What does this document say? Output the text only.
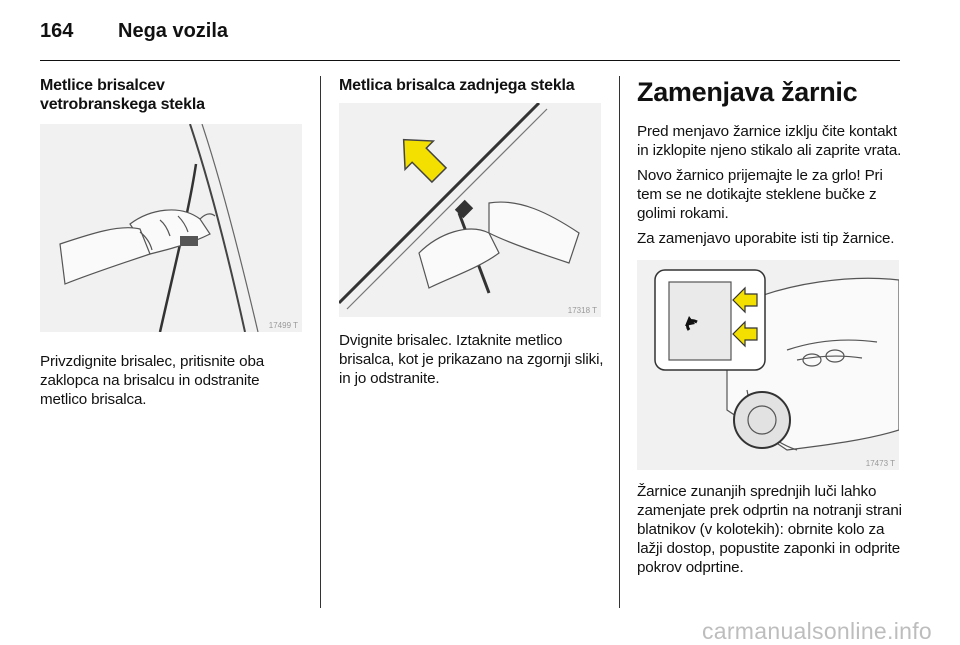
164 Nega vozila
Metlice brisalcev
vetrobranskega stekla
17499 T

Privzdignite brisalec, pritisnite oba zaklopca na brisalcu in odstranite metlico brisalca.

Metlica brisalca zadnjega stekla
17318 T

Dvignite brisalec. Iztaknite metlico brisalca, kot je prikazano na zgornji sliki, in jo odstranite.

Zamenjava žarnic

Pred menjavo žarnice izklju čite kontakt in izklopite njeno stikalo ali zaprite vrata.

Novo žarnico prijemajte le za grlo! Pri tem se ne dotikajte steklene bučke z golimi rokami.

Za zamenjavo uporabite isti tip žarnice.

17473 T

Žarnice zunanjih sprednjih luči lahko zamenjate prek odprtin na notranji strani blatnikov (v kolotekih): obrnite kolo za lažji dostop, popustite zaponki in odprite pokrov odprtine.

carmanualsonline.info
